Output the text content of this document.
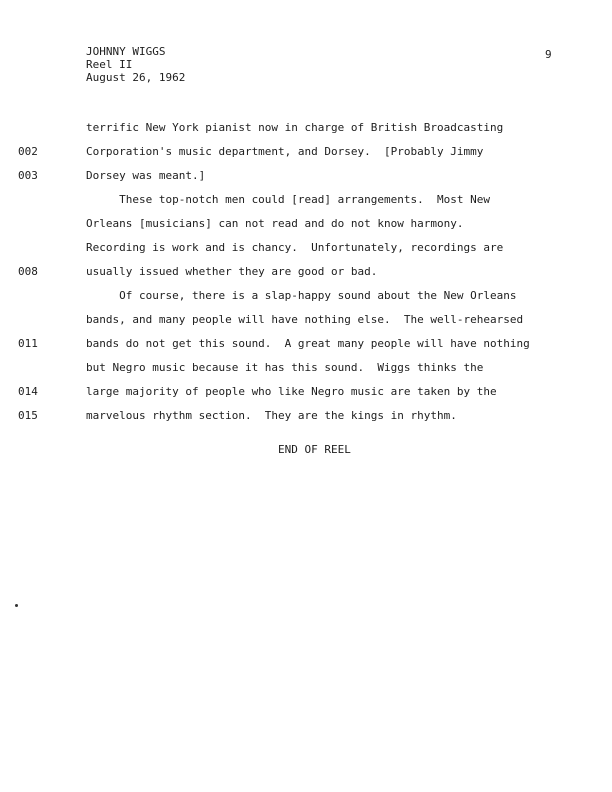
JOHNNY WIGGS
Reel II
August 26, 1962
9
terrific New York pianist now in charge of British Broadcasting
002	Corporation's music department, and Dorsey.  [Probably Jimmy
003	Dorsey was meant.]
These top-notch men could [read] arrangements.  Most New
Orleans [musicians] can not read and do not know harmony.
Recording is work and is chancy.  Unfortunately, recordings are
008	usually issued whether they are good or bad.
Of course, there is a slap-happy sound about the New Orleans
bands, and many people will have nothing else.  The well-rehearsed
011	bands do not get this sound.  A great many people will have nothing
but Negro music because it has this sound.  Wiggs thinks the
014	large majority of people who like Negro music are taken by the
015	marvelous rhythm section.  They are the kings in rhythm.
END OF REEL
